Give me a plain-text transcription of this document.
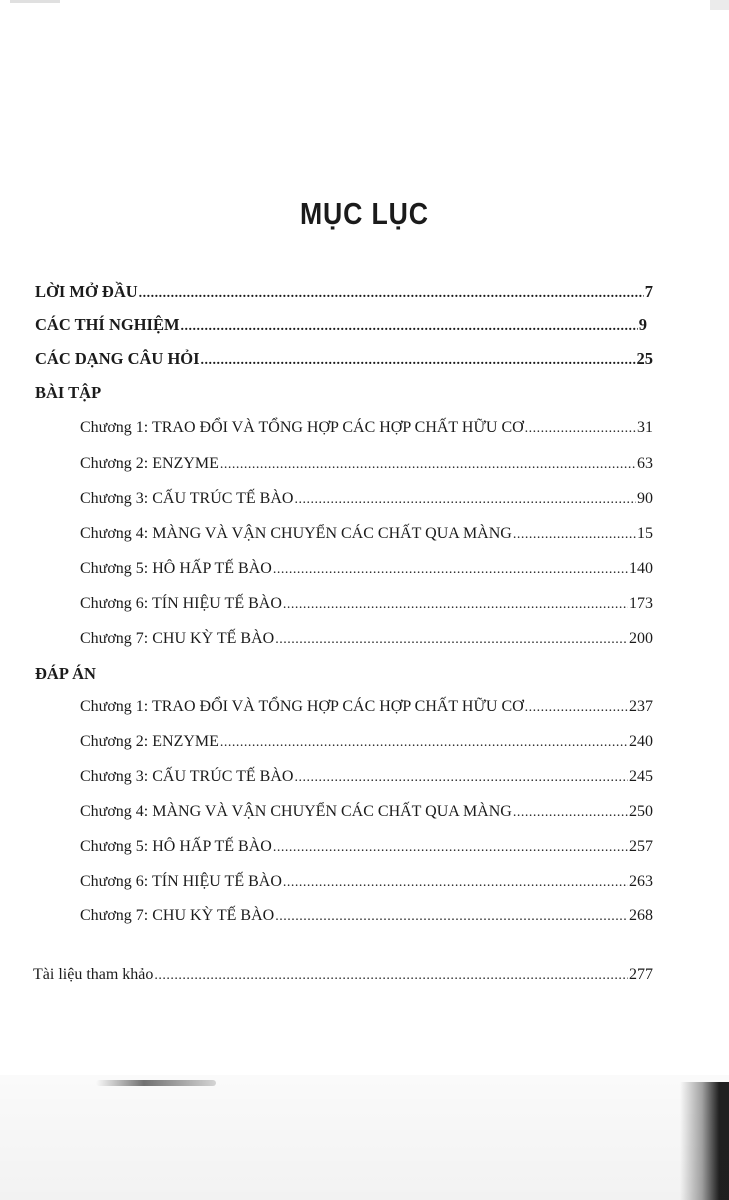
MỤC LỤC
LỜI MỞ ĐẦU .....	7
CÁC THÍ NGHIỆM .....	9
CÁC DẠNG CÂU HỎI .....	25
BÀI TẬP
Chương 1: TRAO ĐỔI VÀ TỔNG HỢP CÁC HỢP CHẤT HỮU CƠ .....	31
Chương 2: ENZYME .....	63
Chương 3: CẤU TRÚC TẾ BÀO .....	90
Chương 4: MÀNG VÀ VẬN CHUYỂN CÁC CHẤT QUA MÀNG .....	15
Chương 5: HÔ HẤP TẾ BÀO .....	140
Chương 6: TÍN HIỆU TẾ BÀO .....	173
Chương 7: CHU KỲ TẾ BÀO .....	200
ĐÁP ÁN
Chương 1: TRAO ĐỔI VÀ TỔNG HỢP CÁC HỢP CHẤT HỮU CƠ .....	237
Chương 2: ENZYME .....	240
Chương 3: CẤU TRÚC TẾ BÀO .....	245
Chương 4: MÀNG VÀ VẬN CHUYỂN CÁC CHẤT QUA MÀNG .....	250
Chương 5: HÔ HẤP TẾ BÀO .....	257
Chương 6: TÍN HIỆU TẾ BÀO .....	263
Chương 7: CHU KỲ TẾ BÀO .....	268
Tài liệu tham khảo .....	277
